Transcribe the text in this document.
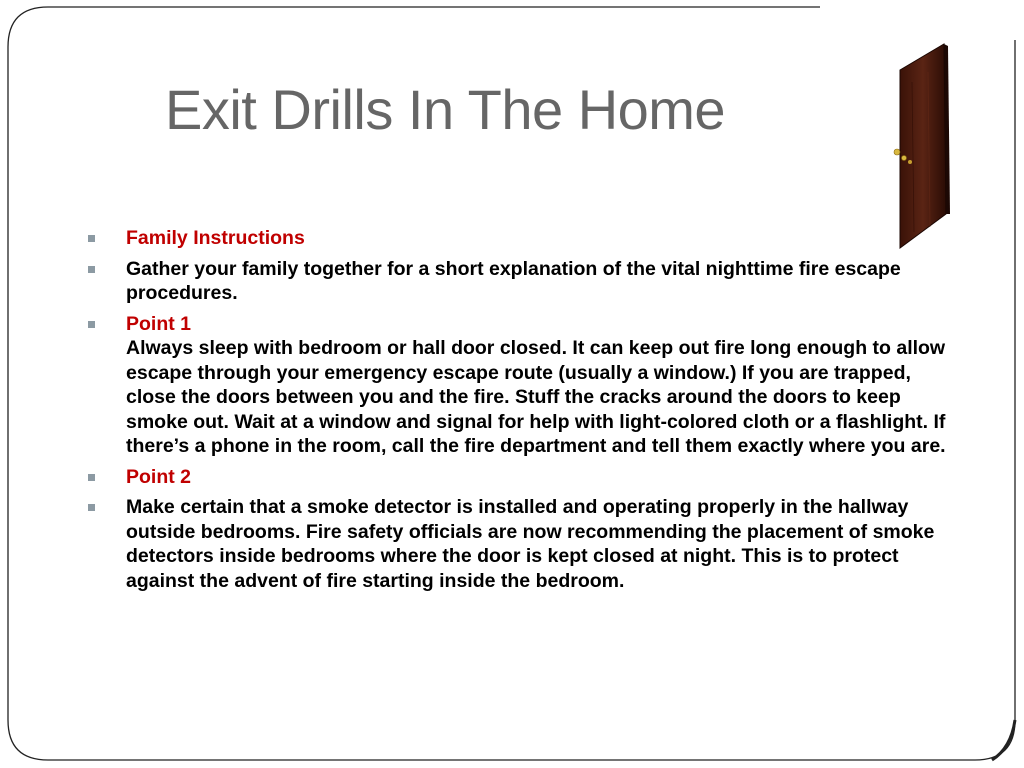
Exit Drills In The Home
Family Instructions
Gather your family together for a short explanation of the vital nighttime fire escape procedures.
Point 1
Always sleep with bedroom or hall door closed. It can keep out fire long enough to allow escape through your emergency escape route (usually a window.) If you are trapped, close the doors between you and the fire. Stuff the cracks around the doors to keep smoke out. Wait at a window and signal for help with light-colored cloth or a flashlight. If there’s a phone in the room, call the fire department and tell them exactly where you are.
Point 2
Make certain that a smoke detector is installed and operating properly in the hallway outside bedrooms. Fire safety officials are now recommending the placement of smoke detectors inside bedrooms where the door is kept closed at night. This is to protect against the advent of fire starting inside the bedroom.
